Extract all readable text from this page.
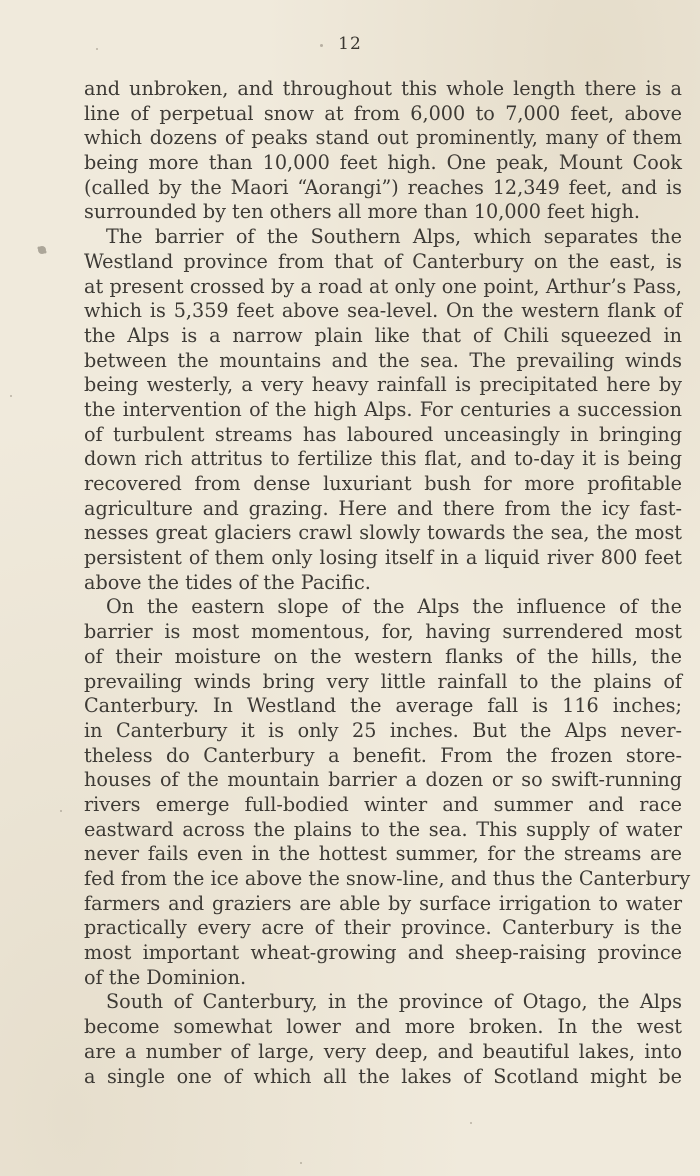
12
and unbroken, and throughout this whole length there is a
line of perpetual snow at from 6,000 to 7,000 feet, above
which dozens of peaks stand out prominently, many of them
being more than 10,000 feet high. One peak, Mount Cook
(called by the Maori “Aorangi”) reaches 12,349 feet, and is
surrounded by ten others all more than 10,000 feet high.
The barrier of the Southern Alps, which separates the
Westland province from that of Canterbury on the east, is
at present crossed by a road at only one point, Arthur’s Pass,
which is 5,359 feet above sea-level. On the western flank of
the Alps is a narrow plain like that of Chili squeezed in
between the mountains and the sea. The prevailing winds
being westerly, a very heavy rainfall is precipitated here by
the intervention of the high Alps. For centuries a succession
of turbulent streams has laboured unceasingly in bringing
down rich attritus to fertilize this flat, and to-day it is being
recovered from dense luxuriant bush for more profitable
agriculture and grazing. Here and there from the icy fast-
nesses great glaciers crawl slowly towards the sea, the most
persistent of them only losing itself in a liquid river 800 feet
above the tides of the Pacific.
On the eastern slope of the Alps the influence of the
barrier is most momentous, for, having surrendered most
of their moisture on the western flanks of the hills, the
prevailing winds bring very little rainfall to the plains of
Canterbury. In Westland the average fall is 116 inches;
in Canterbury it is only 25 inches. But the Alps never-
theless do Canterbury a benefit. From the frozen store-
houses of the mountain barrier a dozen or so swift-running
rivers emerge full-bodied winter and summer and race
eastward across the plains to the sea. This supply of water
never fails even in the hottest summer, for the streams are
fed from the ice above the snow-line, and thus the Canterbury
farmers and graziers are able by surface irrigation to water
practically every acre of their province. Canterbury is the
most important wheat-growing and sheep-raising province
of the Dominion.
South of Canterbury, in the province of Otago, the Alps
become somewhat lower and more broken. In the west
are a number of large, very deep, and beautiful lakes, into
a single one of which all the lakes of Scotland might be
